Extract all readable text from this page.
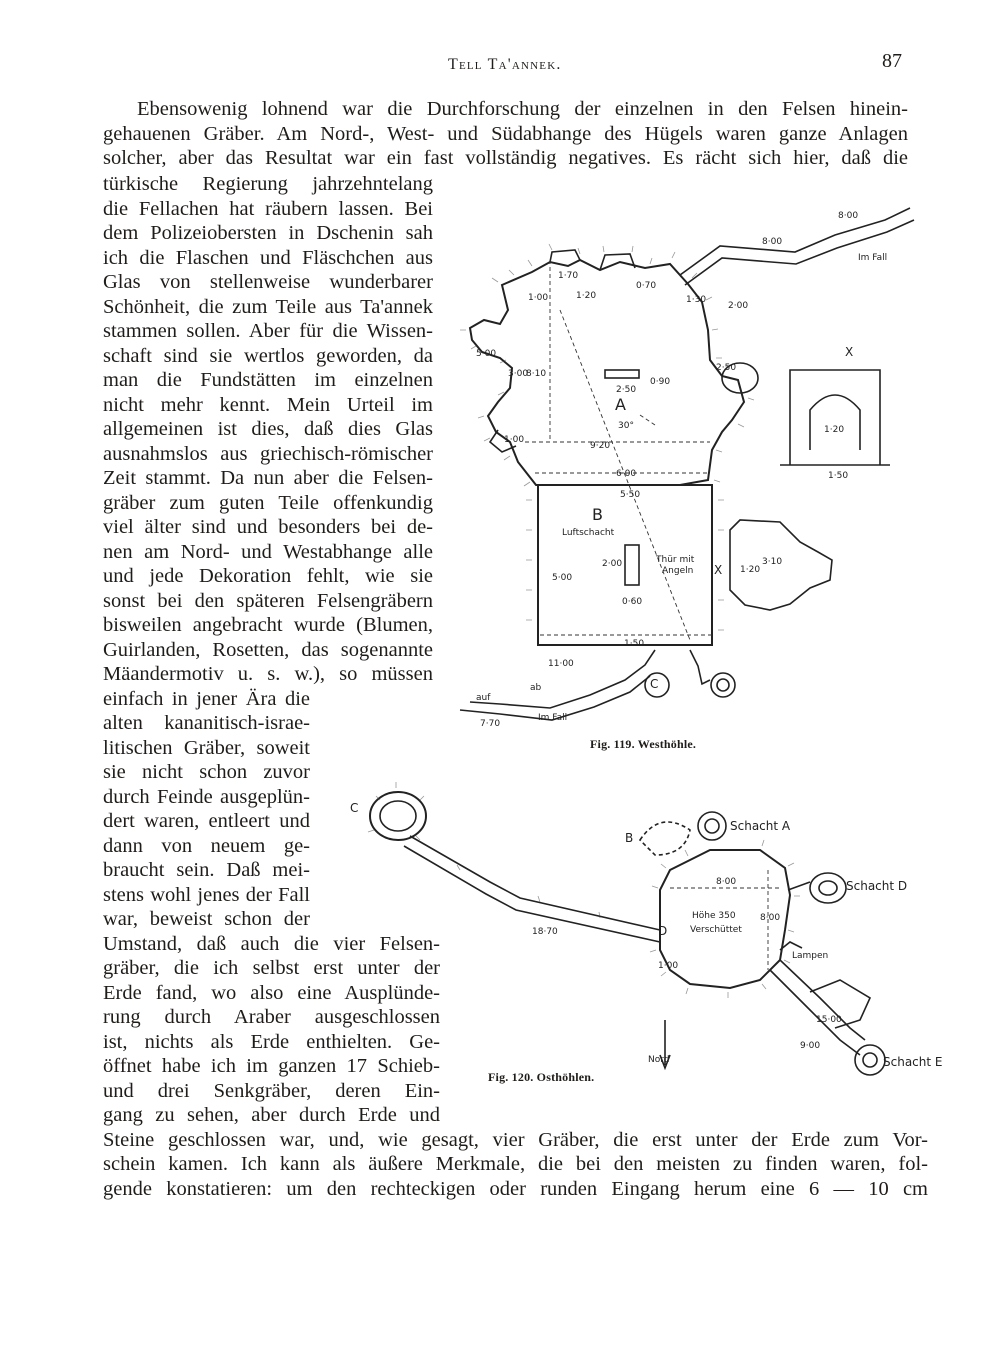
Tell Ta'annek.	87
Ebensowenig lohnend war die Durchforschung der einzelnen in den Felsen hinein-
gehauenen Gräber. Am Nord-, West- und Südabhange des Hügels waren ganze Anlagen
solcher, aber das Resultat war ein fast vollständig negatives. Es rächt sich hier, daß die
türkische Regierung jahrzehntelang
die Fellachen hat räubern lassen. Bei
dem Polizeiobersten in Dschenin sah
ich die Flaschen und Fläschchen aus
Glas von stellenweise wunderbarer
Schönheit, die zum Teile aus Ta'annek
stammen sollen. Aber für die Wissen-
schaft sind sie wertlos geworden, da
man die Fundstätten im einzelnen
nicht mehr kennt. Mein Urteil im
allgemeinen ist dies, daß dies Glas
ausnahmslos aus griechisch-römischer
Zeit stammt. Da nun aber die Felsen-
gräber zum guten Teile offenkundig
viel älter sind und besonders bei de-
nen am Nord- und Westabhange alle
und jede Dekoration fehlt, wie sie
sonst bei den späteren Felsengräbern
bisweilen angebracht wurde (Blumen,
Guirlanden, Rosetten, das sogenannte
Mäandermotiv u. s. w.), so müssen
einfach in jener Ära die
alten kananitisch-israe-
litischen Gräber, soweit
sie nicht schon zuvor
durch Feinde ausgeplün-
dert waren, entleert und
dann von neuem ge-
braucht sein. Daß mei-
stens wohl jenes der Fall
war, beweist schon der
Umstand, daß auch die vier Felsen-
gräber, die ich selbst erst unter der
Erde fand, wo also eine Ausplünde-
rung durch Araber ausgeschlossen
ist, nichts als Erde enthielten. Ge-
öffnet habe ich im ganzen 17 Schieb-
und drei Senkgräber, deren Ein-
gang zu sehen, aber durch Erde und
Steine geschlossen war, und, wie gesagt, vier Gräber, die erst unter der Erde zum Vor-
schein kamen. Ich kann als äußere Merkmale, die bei den meisten zu finden waren, fol-
gende konstatieren: um den rechteckigen oder runden Eingang herum eine 6 — 10 cm
A
B
X
X
C
Luftschacht
Thür mit
Angeln
Im Fall
Im Fall
auf
ab
8·00
8·00
1·70
1·20
0·70
1·00	1·30
2·00
5·00
3·00
8·10
2·50
0·90
2·50
30°
9·20
6·00
5·50
1·00
5·00
2·00
0·60
1·50
11·00
7·70
1·20
3·10
1·20
1·50
Fig. 119. Westhöhle.
C
B
D
Schacht A
Schacht D
Schacht E
Höhe 350
Verschüttet
Lampen
Nord
8·00
8·00
18·70
1·00
15·00
9·00
Fig. 120. Osthöhlen.
